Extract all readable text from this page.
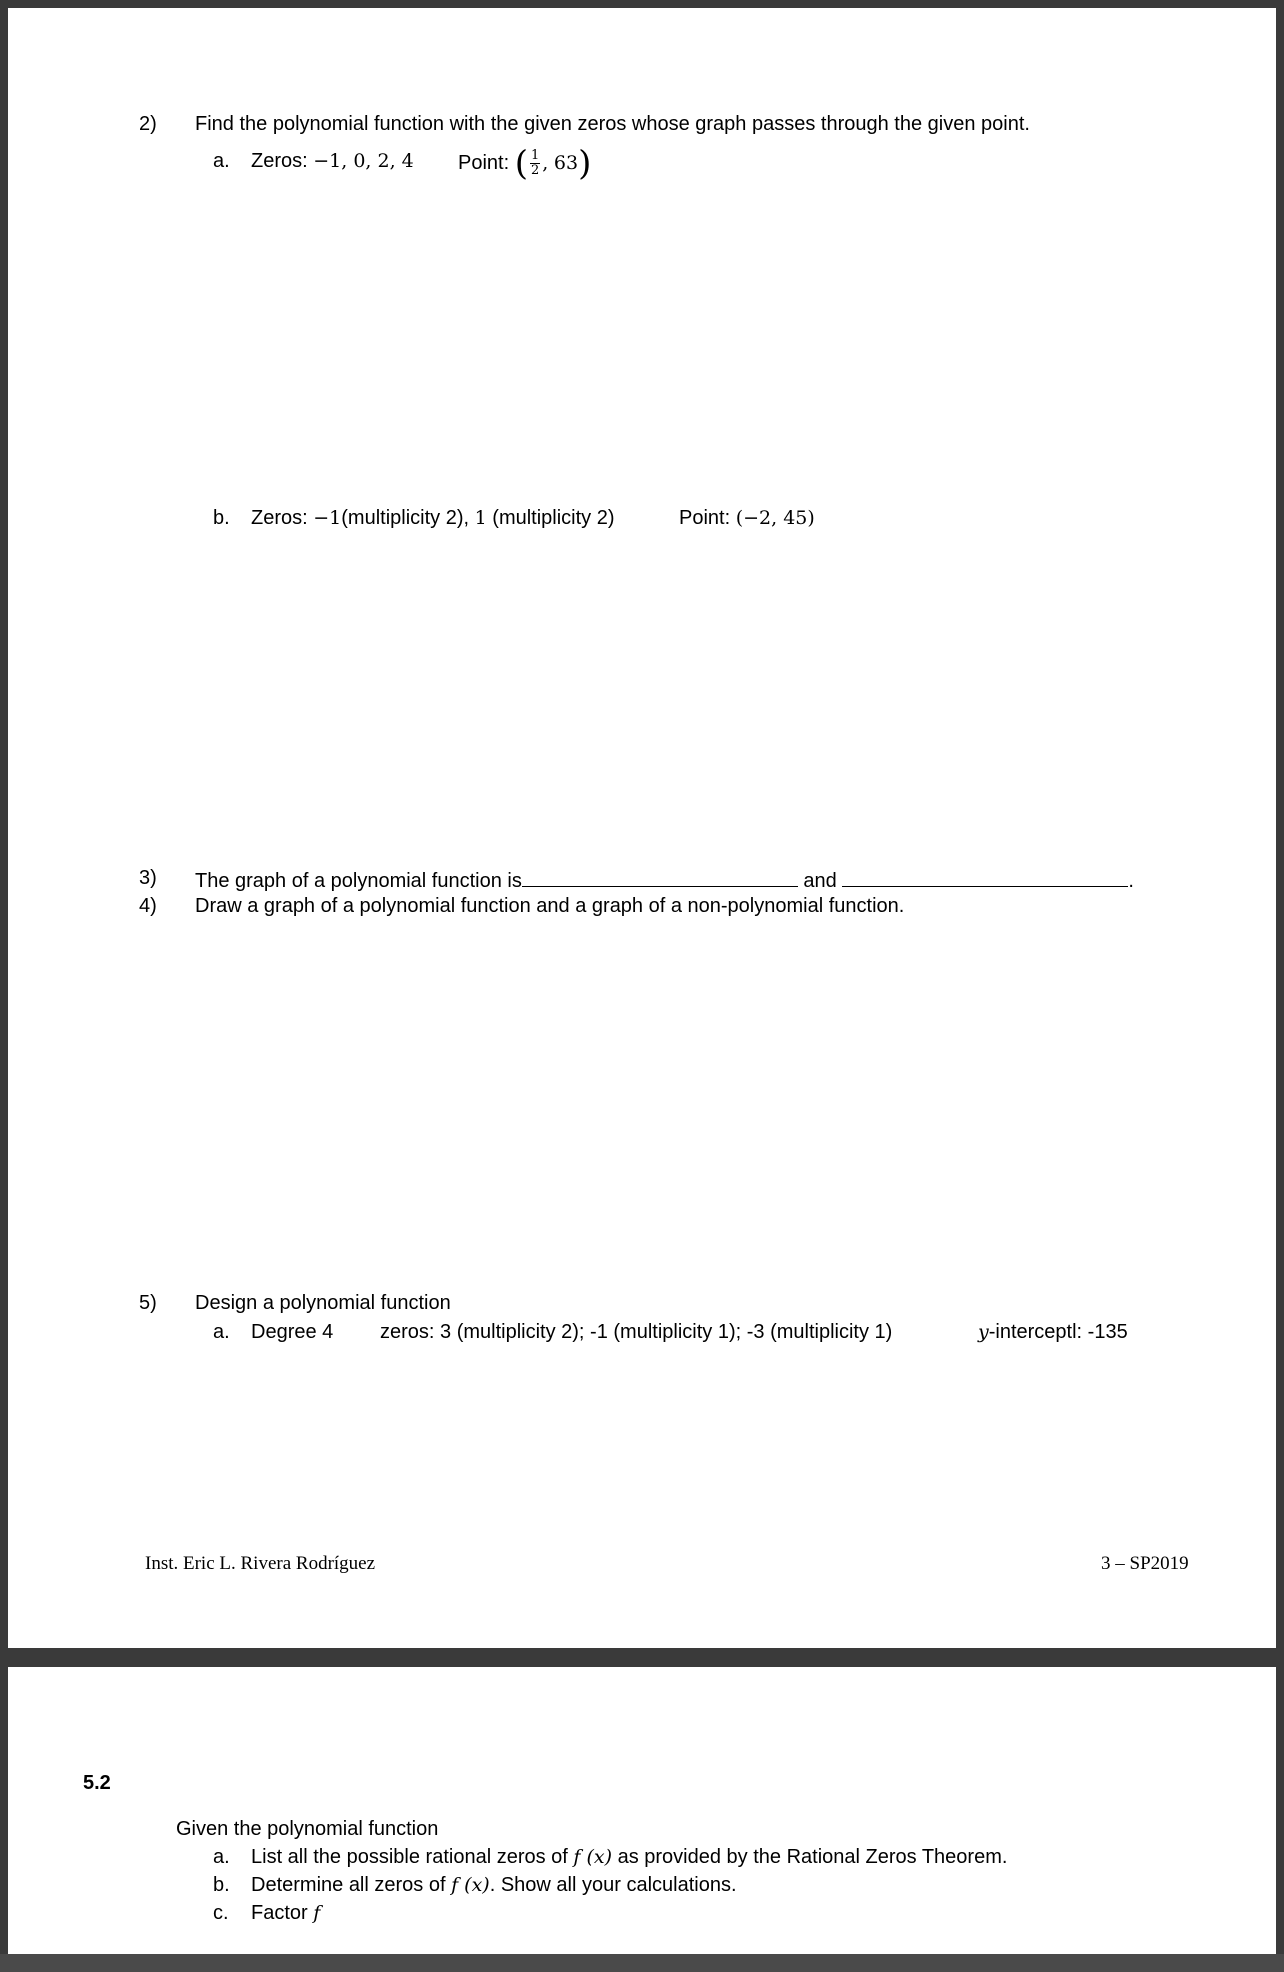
2) Find the polynomial function with the given zeros whose graph passes through the given point.
a. Zeros: −1, 0, 2, 4 Point: ( $\frac{1}{2}$ , 63)
b. Zeros: −1(multiplicity 2), 1 (multiplicity 2)	Point: (−2, 45)
3) The graph of a polynomial function is	and	.
4) Draw a graph of a polynomial function and a graph of a non-polynomial function.
5) Design a polynomial function
a. Degree 4 zeros: 3 (multiplicity 2); -1 (multiplicity 1); -3 (multiplicity 1)	y-interceptl: -135
Inst. Eric L. Rivera Rodríguez	3 – SP2019
5.2
Given the polynomial function
a. List all the possible rational zeros of f (x) as provided by the Rational Zeros Theorem.
b. Determine all zeros of f (x). Show all your calculations.
c. Factor f
